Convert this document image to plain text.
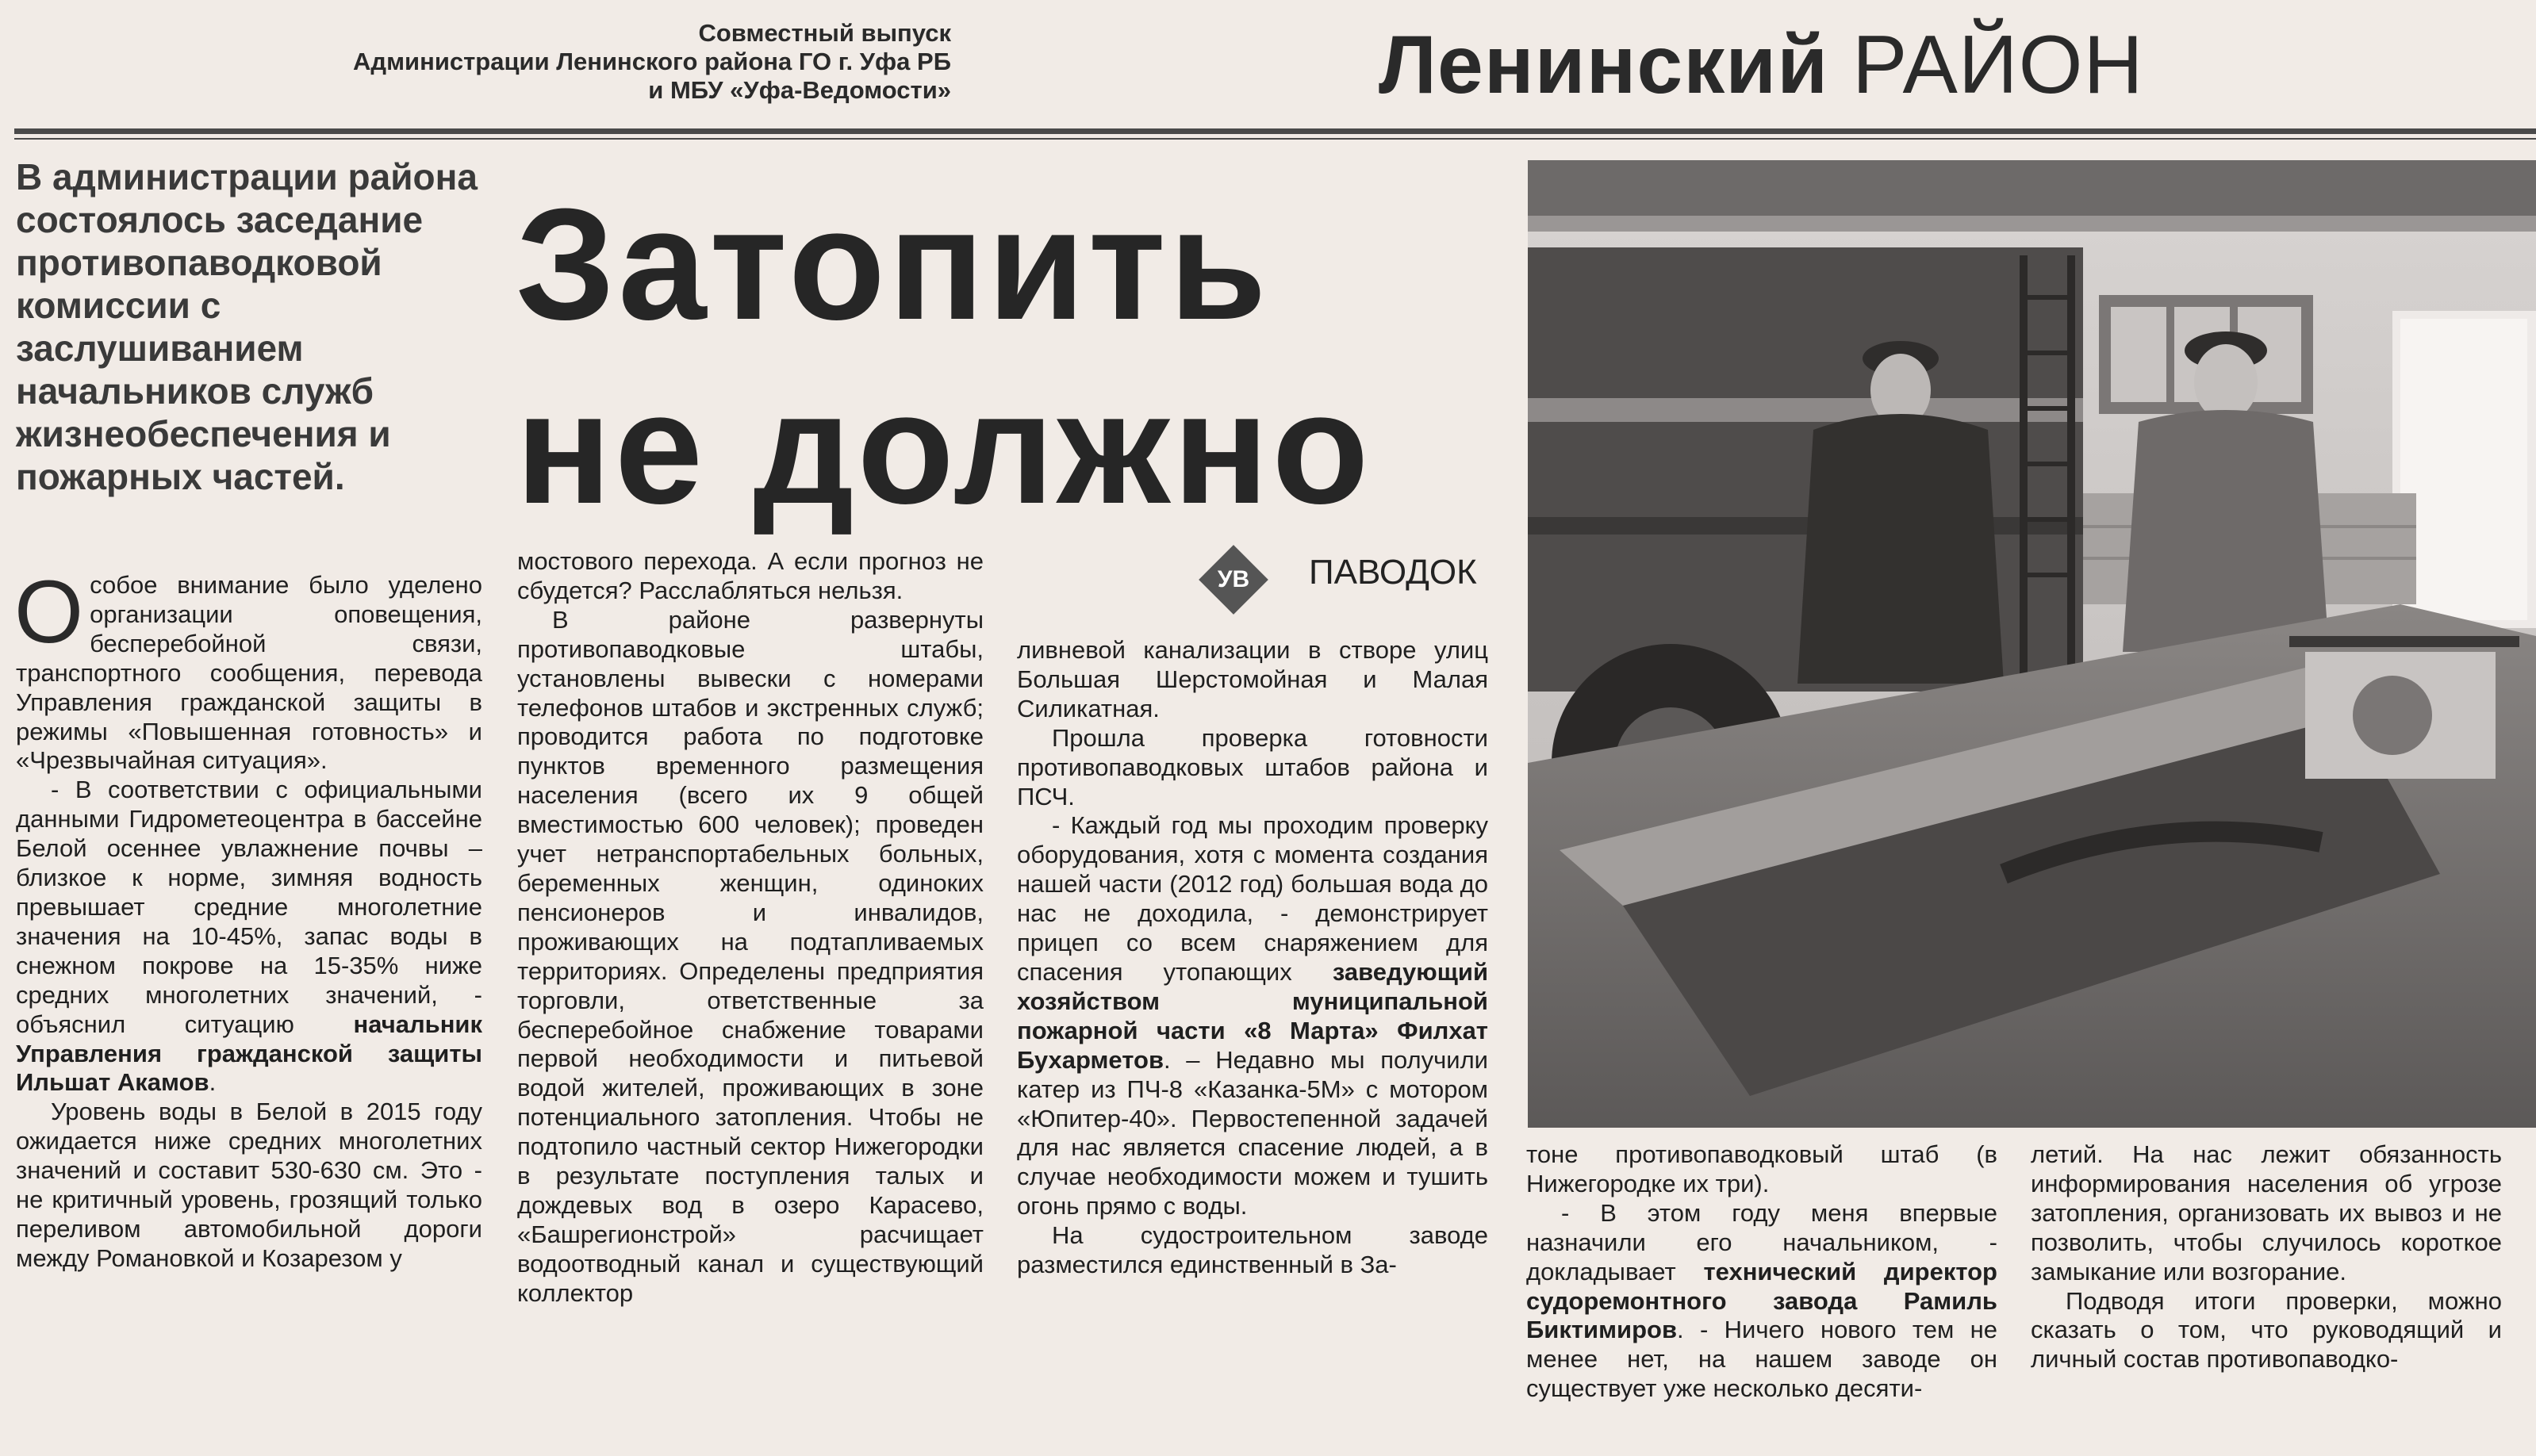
Совместный выпуск
Администрации Ленинского района ГО г. Уфа РБ
и МБУ «Уфа-Ведомости»	Ленинский РАЙОН
В администрации района состоялось заседание противопаводковой комиссии с заслушиванием начальников служб жизнеобеспечения и пожарных частей.
Затопить
не должно
УВ	ПАВОДОК

Особое внимание было уделено организации оповещения, бесперебойной связи, транспортного сообщения, перевода Управления гражданской защиты в режимы «Повышенная готовность» и «Чрезвычайная ситуация».

- В соответствии с официальными данными Гидрометеоцентра в бассейне Белой осеннее увлажнение почвы – близкое к норме, зимняя водность превышает средние многолетние значения на 10-45%, запас воды в снежном покрове на 15-35% ниже средних многолетних значений, - объяснил ситуацию начальник Управления гражданской защиты Ильшат Акамов.

Уровень воды в Белой в 2015 году ожидается ниже средних многолетних значений и составит 530-630 см. Это - не критичный уровень, грозящий только переливом автомобильной дороги между Романовкой и Козарезом у

мостового перехода. А если прогноз не сбудется? Расслабляться нельзя.

В районе развернуты противопаводковые штабы, установлены вывески с номерами телефонов штабов и экстренных служб; проводится работа по подготовке пунктов временного размещения населения (всего их 9 общей вместимостью 600 человек); проведен учет нетранспортабельных больных, беременных женщин, одиноких пенсионеров и инвалидов, проживающих на подтапливаемых территориях. Определены предприятия торговли, ответственные за бесперебойное снабжение товарами первой необходимости и питьевой водой жителей, проживающих в зоне потенциального затопления. Чтобы не подтопило частный сектор Нижегородки в результате поступления талых и дождевых вод в озеро Карасево, «Башрегионстрой» расчищает водоотводный канал и существующий коллектор

ливневой канализации в створе улиц Большая Шерстомойная и Малая Силикатная.

Прошла проверка готовности противопаводковых штабов района и ПСЧ.

- Каждый год мы проходим проверку оборудования, хотя с момента создания нашей части (2012 год) большая вода до нас не доходила, - демонстрирует прицеп со всем снаряжением для спасения утопающих заведующий хозяйством муниципальной пожарной части «8 Марта» Филхат Бухарметов. – Недавно мы получили катер из ПЧ-8 «Казанка-5М» с мотором «Юпитер-40». Первостепенной задачей для нас является спасение людей, а в случае необходимости можем и тушить огонь прямо с воды.

На судостроительном заводе разместился единственный в За-

тоне противопаводковый штаб (в Нижегородке их три).

- В этом году меня впервые назначили его начальником, - докладывает технический директор судоремонтного завода Рамиль Биктимиров. - Ничего нового тем не менее нет, на нашем заводе он существует уже несколько десяти-

летий. На нас лежит обязанность информирования населения об угрозе затопления, организовать их вывоз и не позволить, чтобы случилось короткое замыкание или возгорание.

Подводя итоги проверки, можно сказать о том, что руководящий и личный состав противопаводко-
